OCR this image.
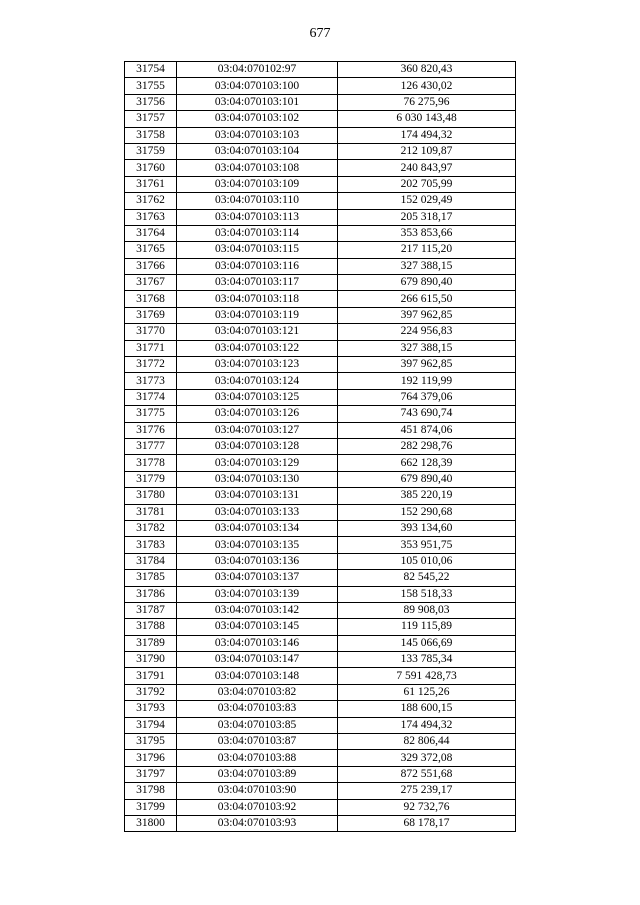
677
31754	03:04:070102:97	360 820,43
31755	03:04:070103:100	126 430,02
31756	03:04:070103:101	76 275,96
31757	03:04:070103:102	6 030 143,48
31758	03:04:070103:103	174 494,32
31759	03:04:070103:104	212 109,87
31760	03:04:070103:108	240 843,97
31761	03:04:070103:109	202 705,99
31762	03:04:070103:110	152 029,49
31763	03:04:070103:113	205 318,17
31764	03:04:070103:114	353 853,66
31765	03:04:070103:115	217 115,20
31766	03:04:070103:116	327 388,15
31767	03:04:070103:117	679 890,40
31768	03:04:070103:118	266 615,50
31769	03:04:070103:119	397 962,85
31770	03:04:070103:121	224 956,83
31771	03:04:070103:122	327 388,15
31772	03:04:070103:123	397 962,85
31773	03:04:070103:124	192 119,99
31774	03:04:070103:125	764 379,06
31775	03:04:070103:126	743 690,74
31776	03:04:070103:127	451 874,06
31777	03:04:070103:128	282 298,76
31778	03:04:070103:129	662 128,39
31779	03:04:070103:130	679 890,40
31780	03:04:070103:131	385 220,19
31781	03:04:070103:133	152 290,68
31782	03:04:070103:134	393 134,60
31783	03:04:070103:135	353 951,75
31784	03:04:070103:136	105 010,06
31785	03:04:070103:137	82 545,22
31786	03:04:070103:139	158 518,33
31787	03:04:070103:142	89 908,03
31788	03:04:070103:145	119 115,89
31789	03:04:070103:146	145 066,69
31790	03:04:070103:147	133 785,34
31791	03:04:070103:148	7 591 428,73
31792	03:04:070103:82	61 125,26
31793	03:04:070103:83	188 600,15
31794	03:04:070103:85	174 494,32
31795	03:04:070103:87	82 806,44
31796	03:04:070103:88	329 372,08
31797	03:04:070103:89	872 551,68
31798	03:04:070103:90	275 239,17
31799	03:04:070103:92	92 732,76
31800	03:04:070103:93	68 178,17
